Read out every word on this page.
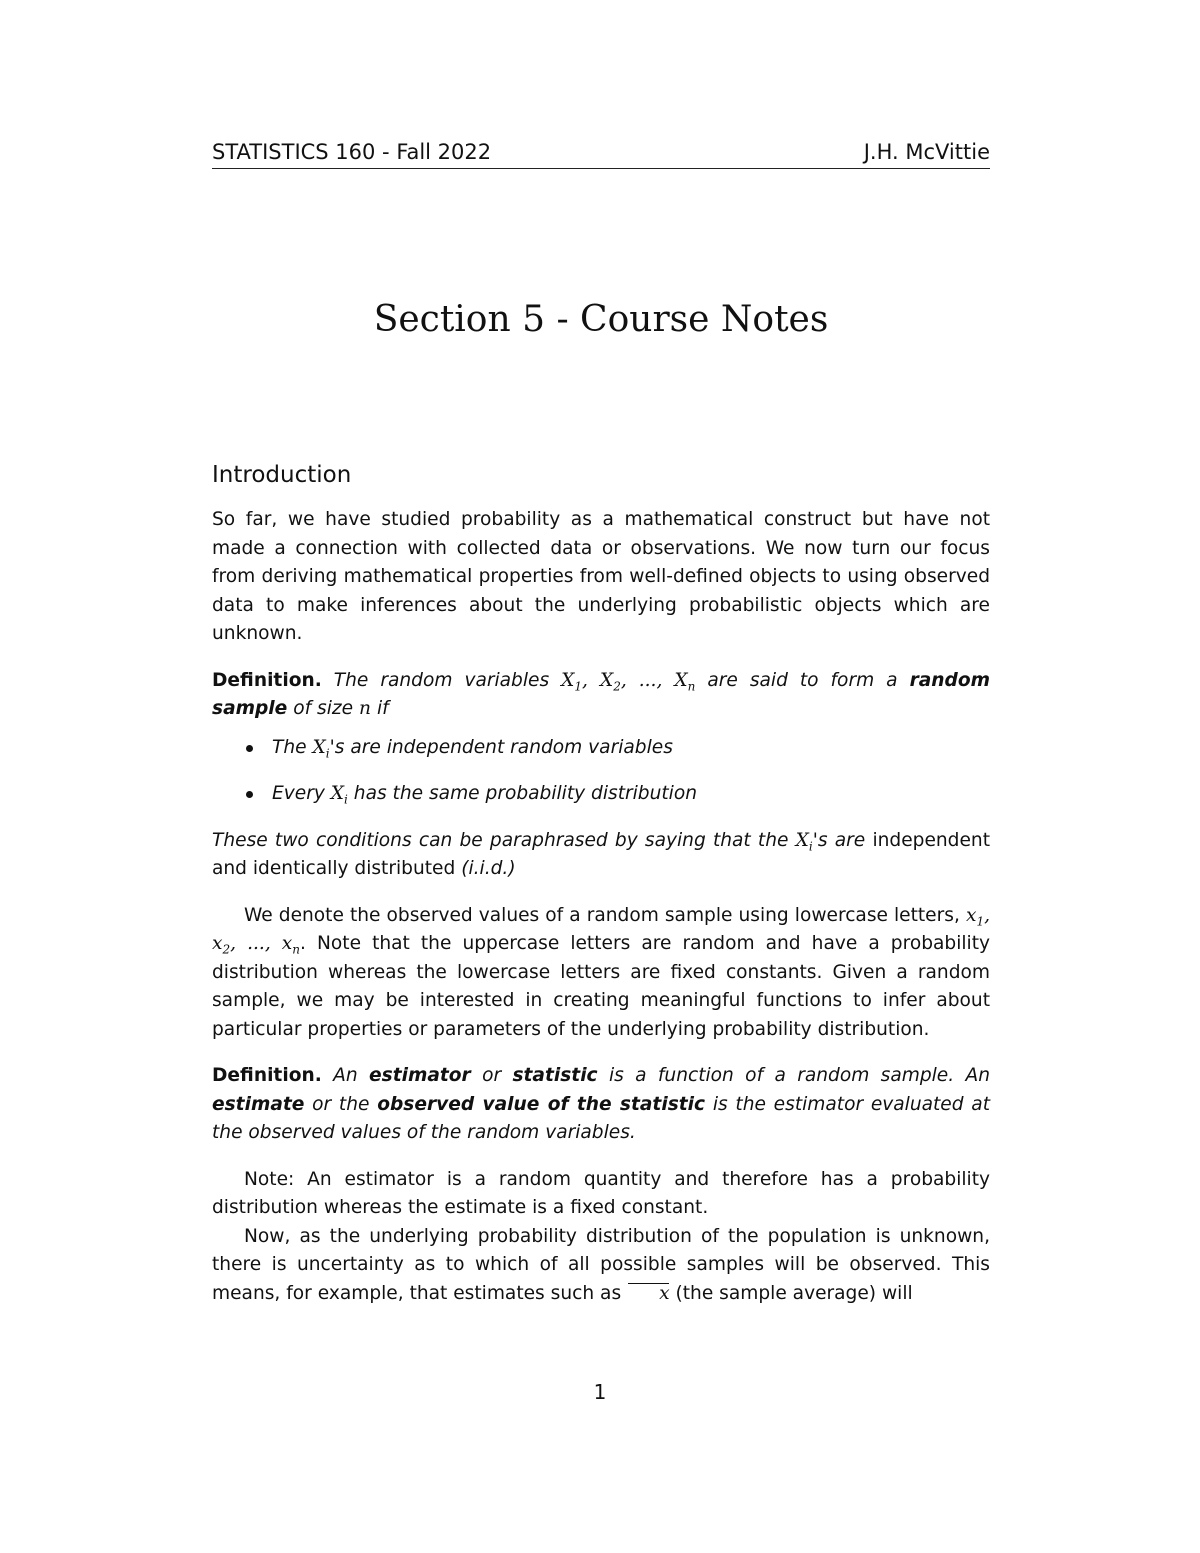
STATISTICS 160 - Fall 2022	J.H. McVittie
Section 5 - Course Notes
Introduction

So far, we have studied probability as a mathematical construct but have not made a connection with collected data or observations. We now turn our focus from deriving mathematical properties from well-defined objects to using observed data to make inferences about the underlying probabilistic objects which are unknown.

Definition. The random variables $X_1$, $X_2$, ..., $X_n$ are said to form a random sample of size n if

The $X_i's$ are independent random variables
Every $X_i$ has the same probability distribution

These two conditions can be paraphrased by saying that the $X_i's$ are independent and identically distributed (i.i.d.)

We denote the observed values of a random sample using lowercase letters, $x_1$, $x_2$, ..., $x_n$. Note that the uppercase letters are random and have a probability distribution whereas the lowercase letters are fixed constants. Given a random sample, we may be interested in creating meaningful functions to infer about particular properties or parameters of the underlying probability distribution.

Definition. An estimator or statistic is a function of a random sample. An estimate or the observed value of the statistic is the estimator evaluated at the observed values of the random variables.

Note: An estimator is a random quantity and therefore has a probability distribution whereas the estimate is a fixed constant.

Now, as the underlying probability distribution of the population is unknown, there is uncertainty as to which of all possible samples will be observed. This means, for example, that estimates such as x (the sample average) will

1
